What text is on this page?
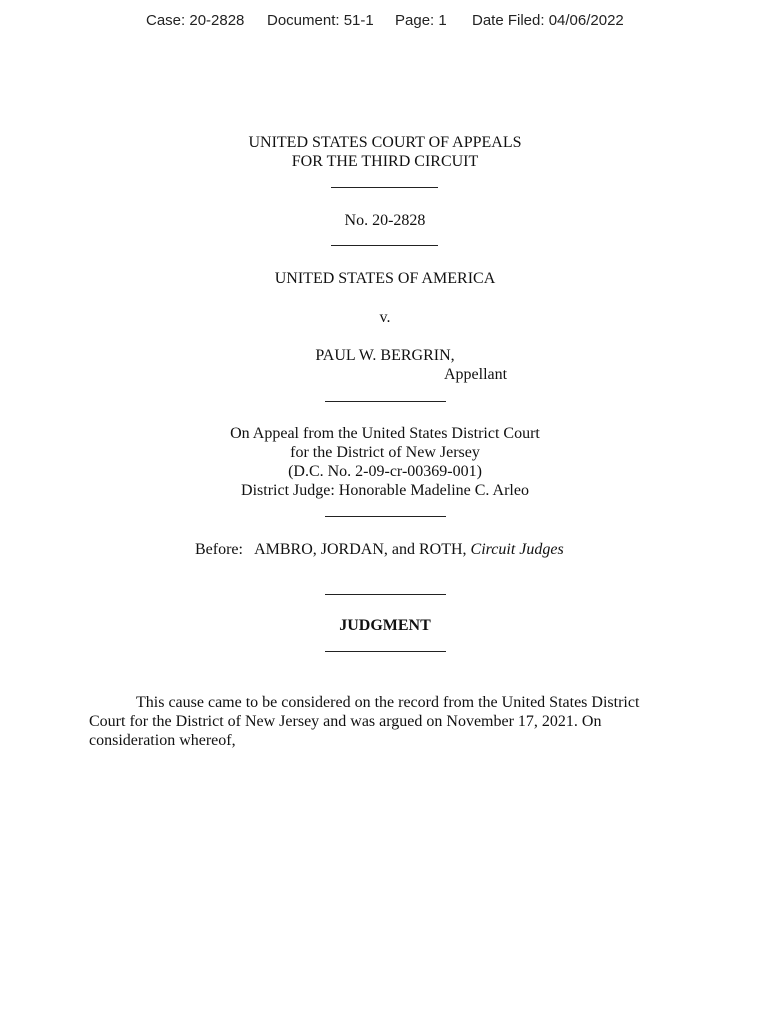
Case: 20-2828 Document: 51-1 Page: 1 Date Filed: 04/06/2022
UNITED STATES COURT OF APPEALS
FOR THE THIRD CIRCUIT
No. 20-2828
UNITED STATES OF AMERICA
v.
PAUL W. BERGRIN,
Appellant
On Appeal from the United States District Court
for the District of New Jersey
(D.C. No. 2-09-cr-00369-001)
District Judge: Honorable Madeline C. Arleo
Before:   AMBRO, JORDAN, and ROTH, Circuit Judges
JUDGMENT
This cause came to be considered on the record from the United States District
Court for the District of New Jersey and was argued on November 17, 2021. On
consideration whereof,
